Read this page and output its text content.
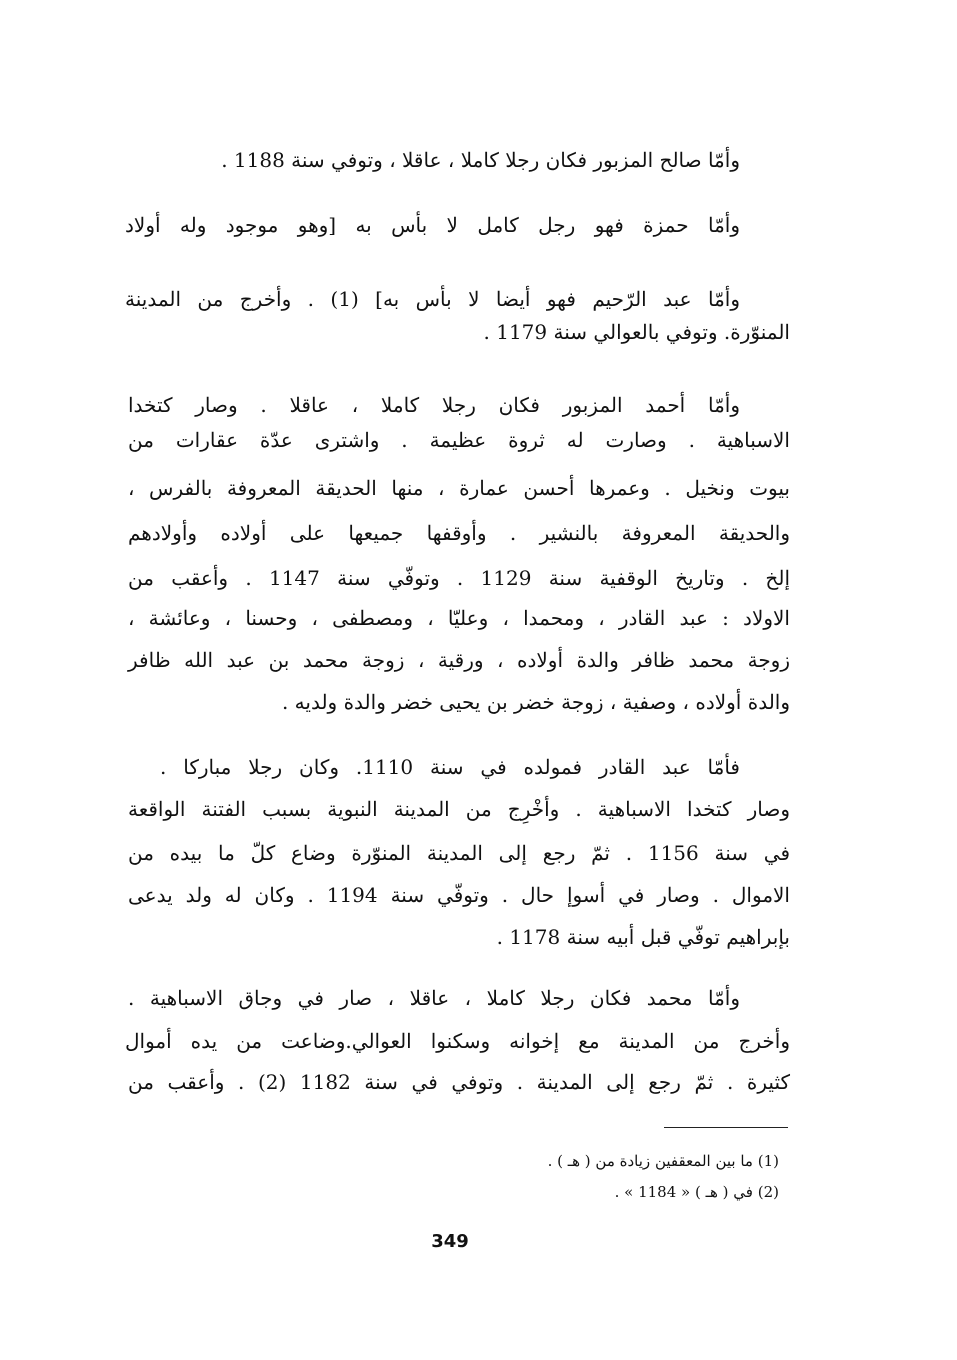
وأمّا صالح المزبور فكان رجلا كاملا ، عاقلا ، وتوفي سنة 1188 .
وأمّا حمزة فهو رجل كامل لا بأس به [وهو موجود وله أولاد
وأمّا عبد الرّحيم فهو أيضا لا بأس به] (1) . وأخرج من المدينة
المنوّرة. وتوفي بالعوالي سنة 1179 .
وأمّا أحمد المزبور فكان رجلا كاملا ، عاقلا . وصار كتخدا
الاسباهية . وصارت له ثروة عظيمة . واشترى عدّة عقارات من
بيوت ونخيل . وعمرها أحسن عمارة ، منها الحديقة المعروفة بالفرس ،
والحديقة المعروفة بالنشير . وأوقفها جميعها على أولاده وأولادهم
إلخ . وتاريخ الوقفية سنة 1129 . وتوفّي سنة 1147 . وأعقب من
الاولاد : عبد القادر ، ومحمدا ، وعليّا ، ومصطفى ، وحسنا ، وعائشة ،
زوجة محمد ظافر والدة أولاده ، ورقية ، زوجة محمد بن عبد الله ظافر
والدة أولاده ، وصفية ، زوجة خضر بن يحيى خضر والدة ولديه .
فأمّا عبد القادر فمولده في سنة 1110. وكان رجلا مباركا .
وصار كتخدا الاسباهية . وأخْرِج من المدينة النبوية بسبب الفتنة الواقعة
في سنة 1156 . ثمّ رجع إلى المدينة المنوّرة وضاع كلّ ما بيده من
الاموال . وصار في أسوإ حال . وتوفّي سنة 1194 . وكان له ولد يدعى
بإبراهيم توفّي قبل أبيه سنة 1178 .
وأمّا محمد فكان رجلا كاملا ، عاقلا ، صار في وجاق الاسباهية .
وأخرج من المدينة مع إخوانه وسكنوا العوالي.وضاعت من يده أموال
كثيرة . ثمّ رجع إلى المدينة . وتوفي في سنة 1182 (2) . وأعقب من
(1) ما بين المعقفين زيادة من ( هـ ) .
(2) في ( هـ ) « 1184 » .
349
